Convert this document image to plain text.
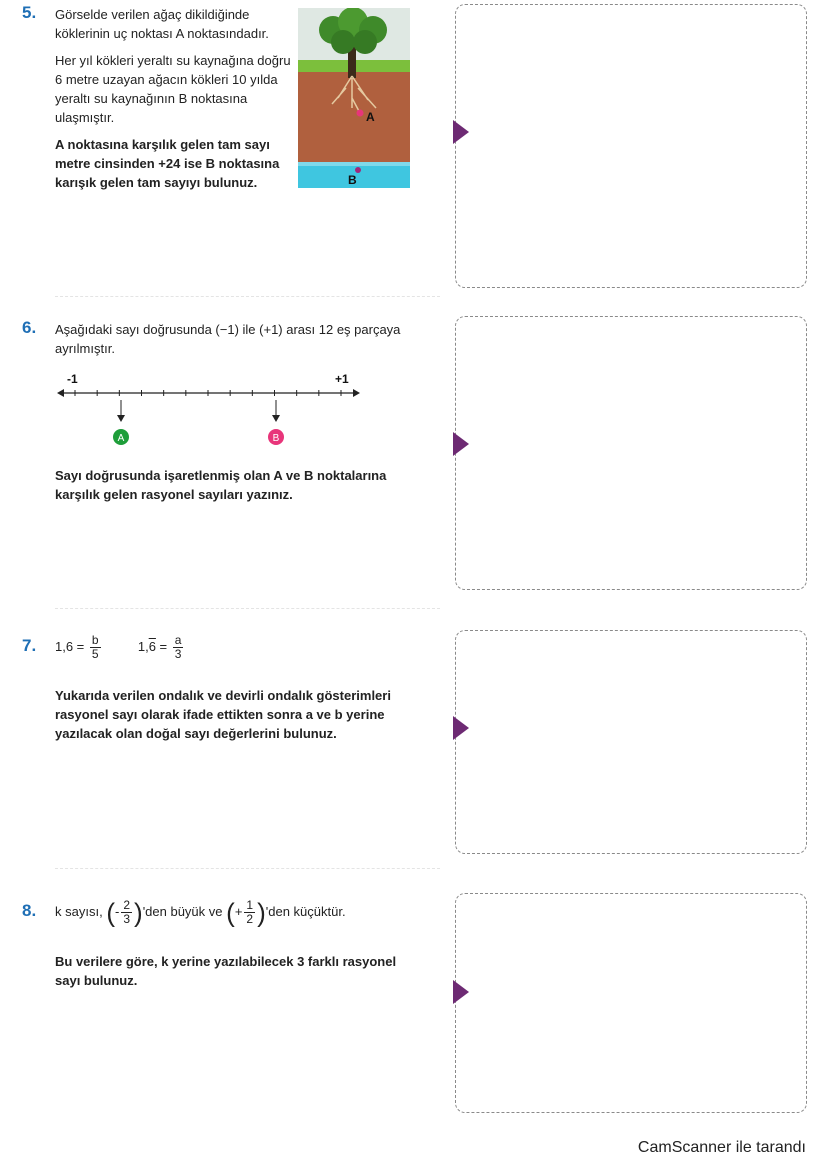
5. Görselde verilen ağaç dikildiğinde köklerinin uç noktası A noktasındadır.

Her yıl kökleri yeraltı su kaynağına doğru 6 metre uzayan ağacın kökleri 10 yılda yeraltı su kaynağının B noktasına ulaşmıştır.

A noktasına karşılık gelen tam sayı metre cinsinden +24 ise B noktasına karışık gelen tam sayıyı bulunuz.

A
B
6. Aşağıdaki sayı doğrusunda (−1) ile (+1) arası 12 eş parçaya ayrılmıştır.
-1	+1
A	B
Sayı doğrusunda işaretlenmiş olan A ve B noktalarına karşılık gelen rasyonel sayıları yazınız.
7. $1,6 = \frac{b}{5}$	$1,6 = \frac{a}{3}$
Yukarıda verilen ondalık ve devirli ondalık gösterimleri rasyonel sayı olarak ifade ettikten sonra a ve b yerine yazılacak olan doğal sayı değerlerini bulunuz.
8. k sayısı, (- $\frac{2}{3} )'den$ büyük ve (+ $\frac{1}{2} )'den$ küçüktür.
Bu verilere göre, k yerine yazılabilecek 3 farklı rasyonel sayı bulunuz.
CamScanner ile tarandı
